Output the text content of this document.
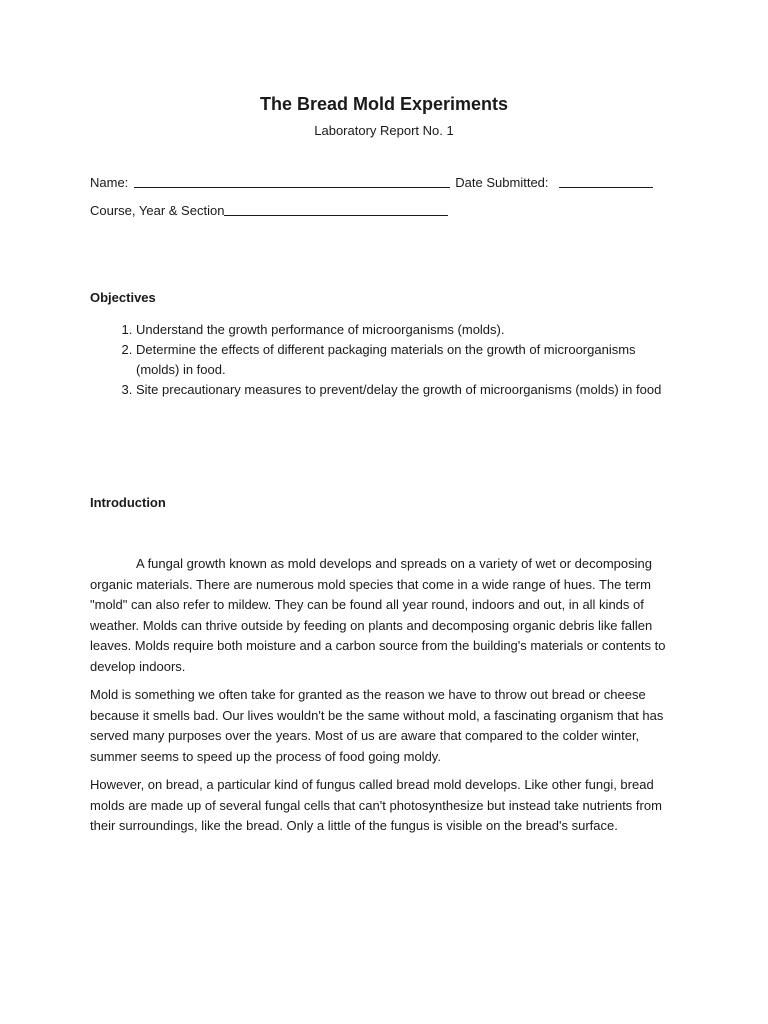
The Bread Mold Experiments
Laboratory Report No. 1
Name:	Date Submitted:
Course, Year & Section
Objectives
1. Understand the growth performance of microorganisms (molds).
2. Determine the effects of different packaging materials on the growth of microorganisms (molds) in food.
3. Site precautionary measures to prevent/delay the growth of microorganisms (molds) in food
Introduction

A fungal growth known as mold develops and spreads on a variety of wet or decomposing organic materials. There are numerous mold species that come in a wide range of hues. The term "mold" can also refer to mildew. They can be found all year round, indoors and out, in all kinds of weather. Molds can thrive outside by feeding on plants and decomposing organic debris like fallen leaves. Molds require both moisture and a carbon source from the building's materials or contents to develop indoors.

Mold is something we often take for granted as the reason we have to throw out bread or cheese because it smells bad. Our lives wouldn't be the same without mold, a fascinating organism that has served many purposes over the years. Most of us are aware that compared to the colder winter, summer seems to speed up the process of food going moldy.

However, on bread, a particular kind of fungus called bread mold develops. Like other fungi, bread molds are made up of several fungal cells that can't photosynthesize but instead take nutrients from their surroundings, like the bread. Only a little of the fungus is visible on the bread's surface.
